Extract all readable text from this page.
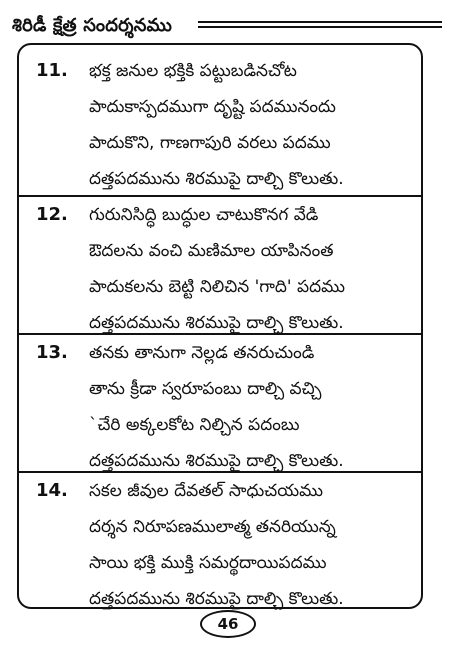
శిరిడీ క్షేత్ర సందర్శనము
11. భక్త జనుల భక్తికి పట్టుబడినచోట
పాదుకాస్పదముగా దృష్టి పదమునందు
పాదుకొని, గాణగాపురి వరలు పదము
దత్తపదమును శిరముపై దాల్చి కొలుతు.
12. గురునిసిద్ధి బుద్ధుల చాటుకొనగ వేడి
ఔదలను వంచి మణిమాల యాపినంత
పాదుకలను బెట్టి నిలిచిన 'గాది' పదము
దత్తపదమును శిరముపై దాల్చి కొలుతు.
13. తనకు తానుగా నెల్లడ తనరుచుండి
తాను క్రీడా స్వరూపంబు దాల్చి వచ్చి
`చేరి అక్కలకోట నిల్చిన పదంబు
దత్తపదమును శిరముపై దాల్చి కొలుతు.
14. సకల జీవుల దేవతల్ సాధుచయము
దర్శన నిరూపణములాత్మ తనరియున్న
సాయి భక్తి ముక్తి సమర్థదాయిపదము
దత్తపదమును శిరముపై దాల్చి కొలుతు.
46
